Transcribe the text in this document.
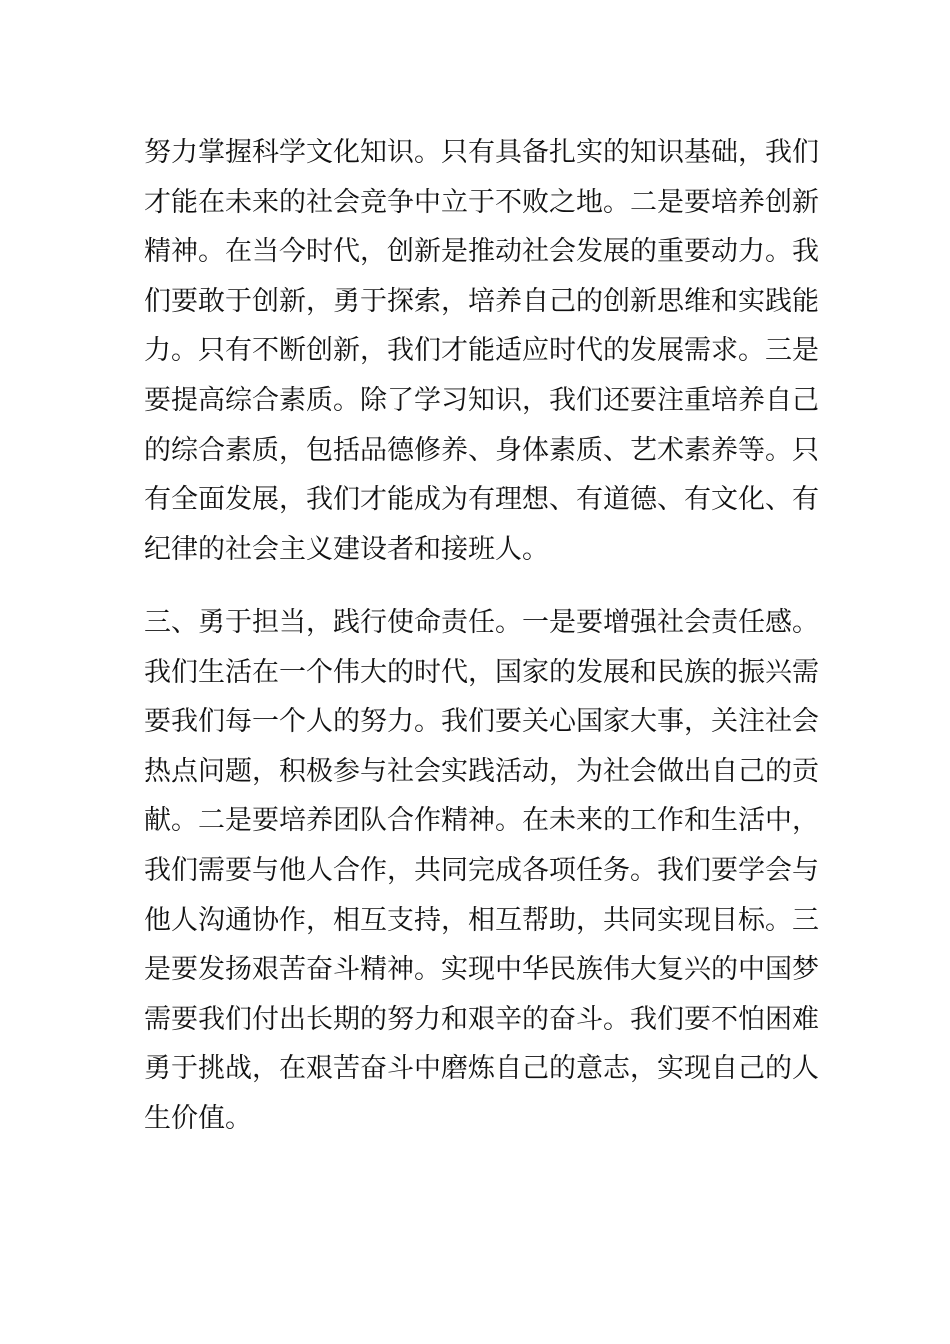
努力掌握科学文化知识。只有具备扎实的知识基础，我们
才能在未来的社会竞争中立于不败之地。二是要培养创新
精神。在当今时代，创新是推动社会发展的重要动力。我
们要敢于创新，勇于探索，培养自己的创新思维和实践能
力。只有不断创新，我们才能适应时代的发展需求。三是
要提高综合素质。除了学习知识，我们还要注重培养自己
的综合素质，包括品德修养、身体素质、艺术素养等。只
有全面发展，我们才能成为有理想、有道德、有文化、有
纪律的社会主义建设者和接班人。
三、勇于担当，践行使命责任。一是要增强社会责任感。
我们生活在一个伟大的时代，国家的发展和民族的振兴需
要我们每一个人的努力。我们要关心国家大事，关注社会
热点问题，积极参与社会实践活动，为社会做出自己的贡
献。二是要培养团队合作精神。在未来的工作和生活中，
我们需要与他人合作，共同完成各项任务。我们要学会与
他人沟通协作，相互支持，相互帮助，共同实现目标。三
是要发扬艰苦奋斗精神。实现中华民族伟大复兴的中国梦
需要我们付出长期的努力和艰辛的奋斗。我们要不怕困难
勇于挑战，在艰苦奋斗中磨炼自己的意志，实现自己的人
生价值。
